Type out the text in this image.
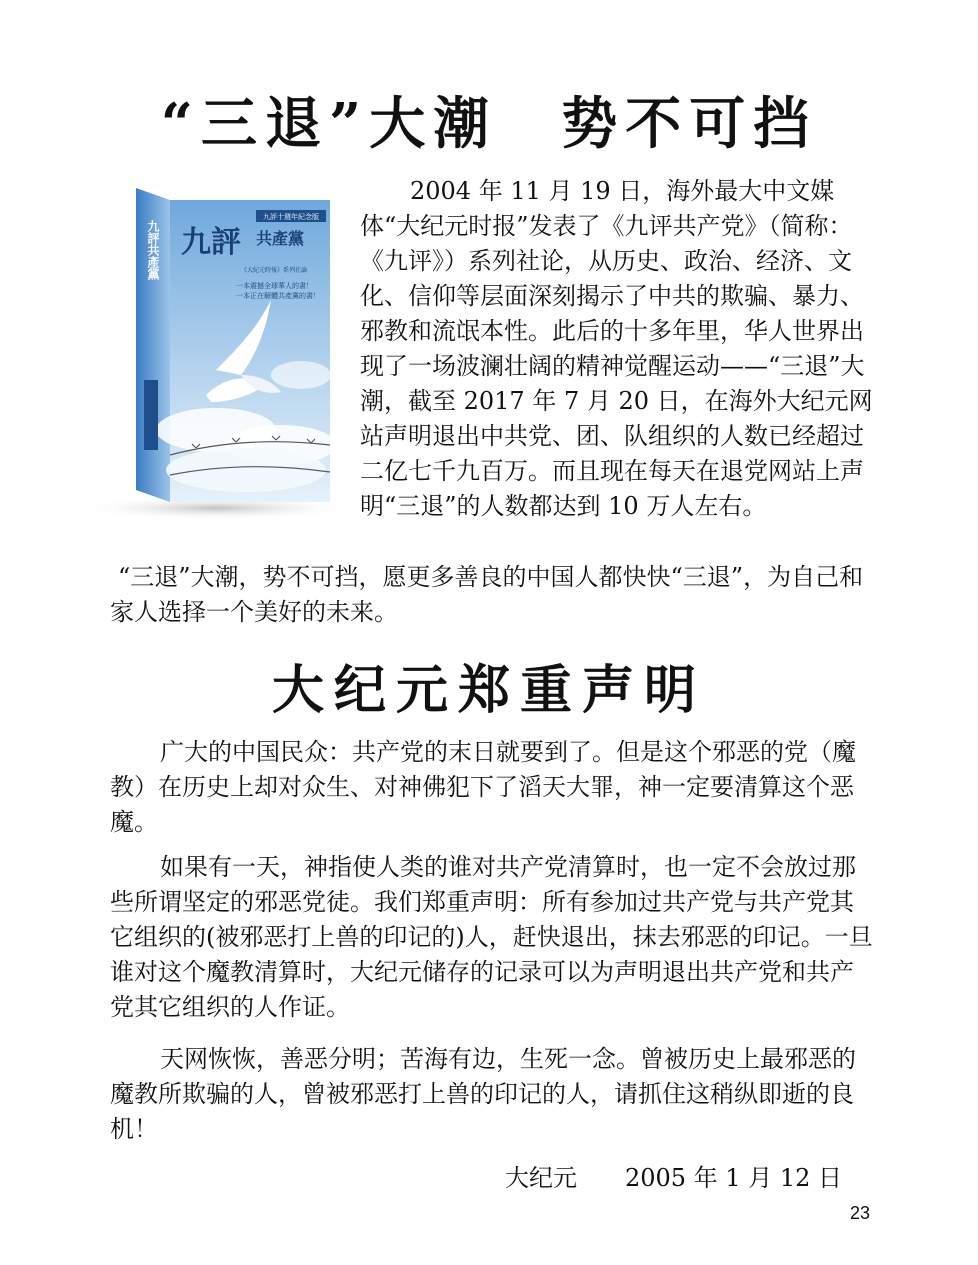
“三退”大潮　势不可挡
九評十週年紀念版
九評 共產黨
《大紀元時報》系列社論
一本震撼全球華人的書！
一本正在解體共產黨的書！
九評共產黨

2004 年 11 月 19 日，海外最大中文媒体“大纪元时报”发表了《九评共产党》（简称：《九评》）系列社论，从历史、政治、经济、文化、信仰等层面深刻揭示了中共的欺骗、暴力、邪教和流氓本性。此后的十多年里，华人世界出现了一场波澜壮阔的精神觉醒运动——“三退”大潮，截至 2017 年 7 月 20 日，在海外大纪元网站声明退出中共党、团、队组织的人数已经超过二亿七千九百万。而且现在每天在退党网站上声明“三退”的人数都达到 10 万人左右。

“三退”大潮，势不可挡，愿更多善良的中国人都快快“三退”，为自己和家人选择一个美好的未来。

大纪元郑重声明

广大的中国民众：共产党的末日就要到了。但是这个邪恶的党（魔教）在历史上却对众生、对神佛犯下了滔天大罪，神一定要清算这个恶魔。

如果有一天，神指使人类的谁对共产党清算时，也一定不会放过那些所谓坚定的邪恶党徒。我们郑重声明：所有参加过共产党与共产党其它组织的(被邪恶打上兽的印记的)人，赶快退出，抹去邪恶的印记。一旦谁对这个魔教清算时，大纪元储存的记录可以为声明退出共产党和共产党其它组织的人作证。

天网恢恢，善恶分明；苦海有边，生死一念。曾被历史上最邪恶的魔教所欺骗的人，曾被邪恶打上兽的印记的人，请抓住这稍纵即逝的良机！

大纪元　　2005 年 1 月 12 日
23
